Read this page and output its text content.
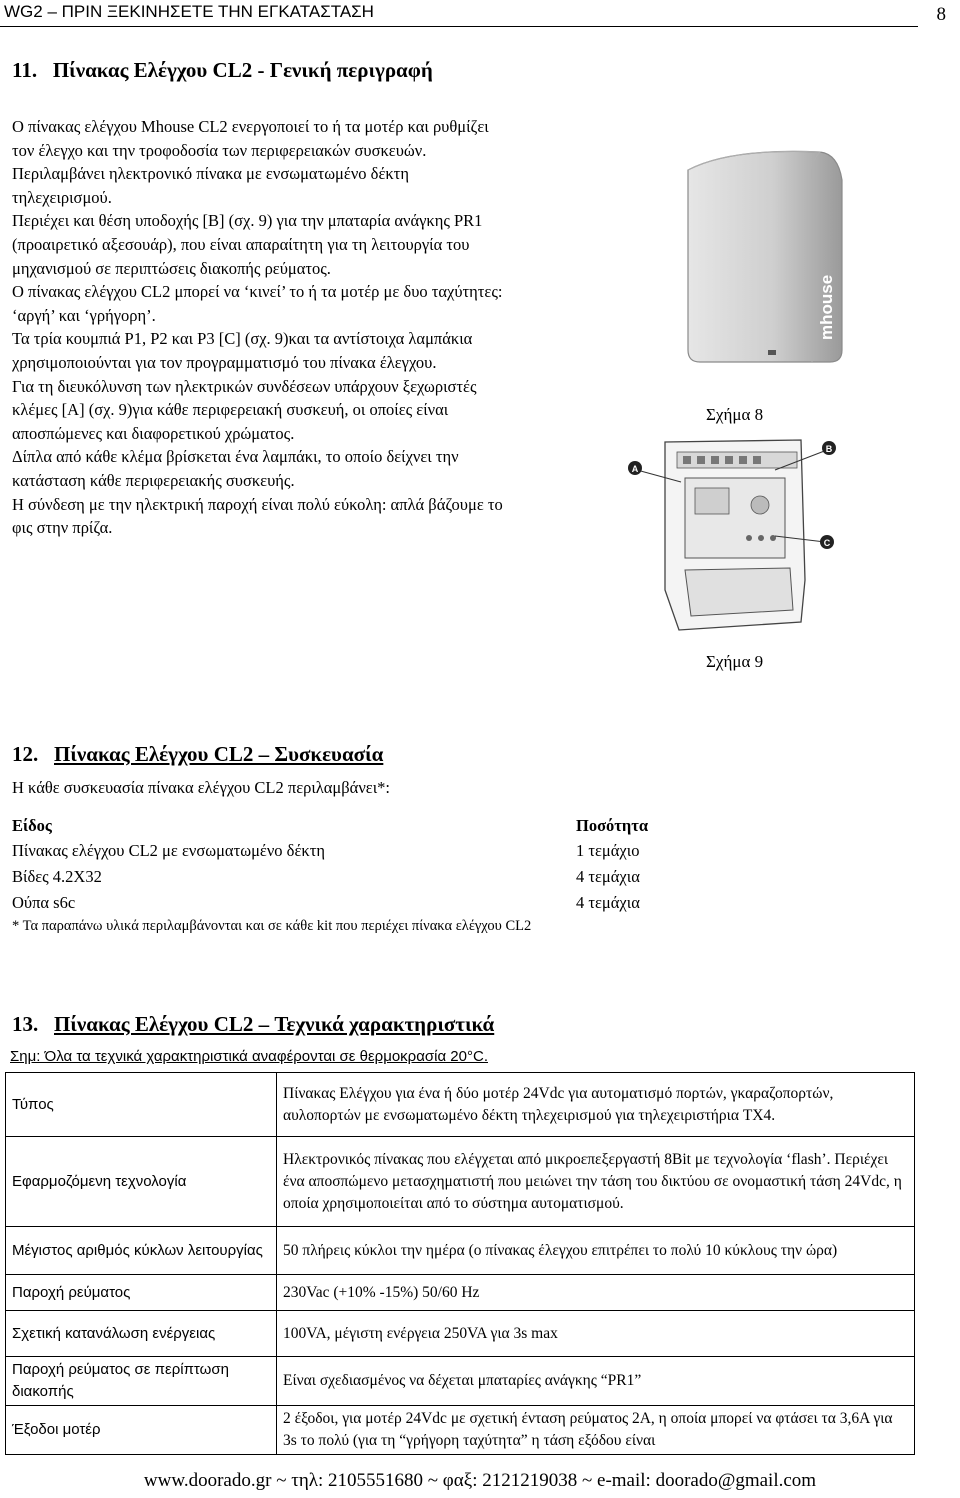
WG2 – ΠΡΙΝ ΞΕΚΙΝΗΣΕΤΕ ΤΗΝ ΕΓΚΑΤΑΣΤΑΣΗ	8
11. Πίνακας Ελέγχου CL2 - Γενική περιγραφή

Ο πίνακας ελέγχου Mhouse CL2 ενεργοποιεί το ή τα μοτέρ και ρυθμίζει τον έλεγχο και την τροφοδοσία των περιφερειακών συσκευών.

Περιλαμβάνει ηλεκτρονικό πίνακα με ενσωματωμένο δέκτη τηλεχειρισμού.

Περιέχει και θέση υποδοχής [B] (σχ. 9) για την μπαταρία ανάγκης PR1 (προαιρετικό αξεσουάρ), που είναι απαραίτητη για τη λειτουργία του μηχανισμού σε περιπτώσεις διακοπής ρεύματος.

Ο πίνακας ελέγχου CL2 μπορεί να ‘κινεί’ το ή τα μοτέρ με δυο ταχύτητες: ‘αργή’ και ‘γρήγορη’.

Τα τρία κουμπιά P1, P2 και P3 [C] (σχ. 9)και τα αντίστοιχα λαμπάκια χρησιμοποιούνται για τον προγραμματισμό του πίνακα έλεγχου.

Για τη διευκόλυνση των ηλεκτρικών συνδέσεων υπάρχουν ξεχωριστές κλέμες [A] (σχ. 9)για κάθε περιφερειακή συσκευή, οι οποίες είναι αποσπώμενες και διαφορετικού χρώματος.

Δίπλα από κάθε κλέμα βρίσκεται ένα λαμπάκι, το οποίο δείχνει την κατάσταση κάθε περιφερειακής συσκευής.

Η σύνδεση με την ηλεκτρική παροχή είναι πολύ εύκολη: απλά βάζουμε το φις στην πρίζα.

mhouse
Σχήμα 8
A
B
C
Σχήμα 9
12. Πίνακας Ελέγχου CL2 – Συσκευασία
Η κάθε συσκευασία πίνακα ελέγχου CL2 περιλαμβάνει*:
Είδος	Ποσότητα
Πίνακας ελέγχου CL2 με ενσωματωμένο δέκτη	1 τεμάχιο
Βίδες 4.2Χ32	4 τεμάχια
Ούπα s6c	4 τεμάχια
* Τα παραπάνω υλικά περιλαμβάνονται και σε κάθε kit που περιέχει πίνακα ελέγχου CL2
13. Πίνακας Ελέγχου CL2 – Τεχνικά χαρακτηριστικά
Σημ: Όλα τα τεχνικά χαρακτηριστικά αναφέρονται σε θερμοκρασία 20°C.
Τύπος	Πίνακας Ελέγχου για ένα ή δύο μοτέρ 24Vdc για αυτοματισμό πορτών, γκαραζοπορτών, αυλοπορτών με ενσωματωμένο δέκτη τηλεχειρισμού για τηλεχειριστήρια TX4.
Εφαρμοζόμενη τεχνολογία	Ηλεκτρονικός πίνακας που ελέγχεται από μικροεπεξεργαστή 8Bit με τεχνολογία ‘flash’. Περιέχει ένα αποσπώμενο μετασχηματιστή που μειώνει την τάση του δικτύου σε ονομαστική τάση 24Vdc, η οποία χρησιμοποιείται από το σύστημα αυτοματισμού.
Μέγιστος αριθμός κύκλων λειτουργίας	50 πλήρεις κύκλοι την ημέρα (ο πίνακας έλεγχου επιτρέπει το πολύ 10 κύκλους την ώρα)
Παροχή ρεύματος	230Vac (+10% -15%) 50/60 Hz
Σχετική κατανάλωση ενέργειας	100VA, μέγιστη ενέργεια 250VA για 3s max
Παροχή ρεύματος σε περίπτωση διακοπής	Είναι σχεδιασμένος να δέχεται μπαταρίες ανάγκης “PR1”
Έξοδοι μοτέρ	2 έξοδοι, για μοτέρ 24Vdc με σχετική ένταση ρεύματος 2A, η οποία μπορεί να φτάσει τα 3,6A για 3s το πολύ (για τη “γρήγορη ταχύτητα” η τάση εξόδου είναι
www.doorado.gr ~ τηλ: 2105551680 ~ φαξ: 2121219038 ~ e-mail: doorado@gmail.com
